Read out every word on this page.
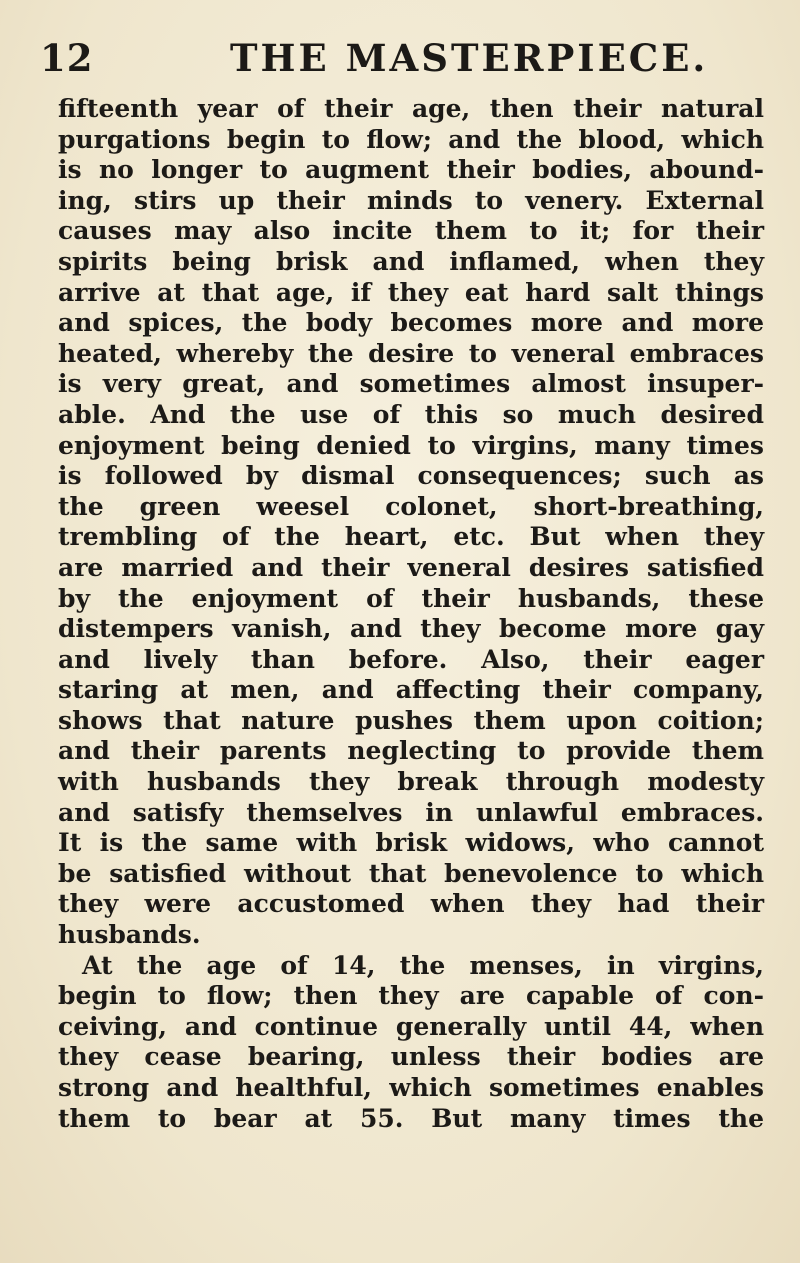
12	THE MASTERPIECE.
fifteenth year of their age, then their natural
purgations begin to flow; and the blood, which
is no longer to augment their bodies, abound-
ing, stirs up their minds to venery. External
causes may also incite them to it; for their
spirits being brisk and inflamed, when they
arrive at that age, if they eat hard salt things
and spices, the body becomes more and more
heated, whereby the desire to veneral embraces
is very great, and sometimes almost insuper-
able. And the use of this so much desired
enjoyment being denied to virgins, many times
is followed by dismal consequences; such as
the green weesel colonet, short-breathing,
trembling of the heart, etc. But when they
are married and their veneral desires satisfied
by the enjoyment of their husbands, these
distempers vanish, and they become more gay
and lively than before. Also, their eager
staring at men, and affecting their company,
shows that nature pushes them upon coition;
and their parents neglecting to provide them
with husbands they break through modesty
and satisfy themselves in unlawful embraces.
It is the same with brisk widows, who cannot
be satisfied without that benevolence to which
they were accustomed when they had their
husbands.
At the age of 14, the menses, in virgins,
begin to flow; then they are capable of con-
ceiving, and continue generally until 44, when
they cease bearing, unless their bodies are
strong and healthful, which sometimes enables
them to bear at 55. But many times the
